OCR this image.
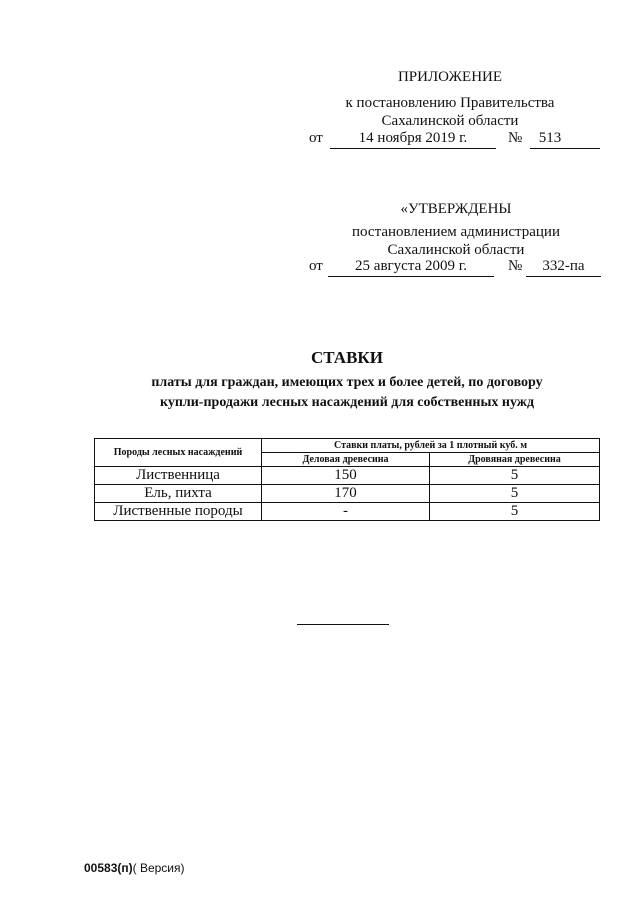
ПРИЛОЖЕНИЕ
к постановлению Правительства
Сахалинской области
от	14 ноября 2019 г.	№	513
«УТВЕРЖДЕНЫ
постановлением администрации
Сахалинской области
от	25 августа 2009 г.	№	332-па
СТАВКИ
платы для граждан, имеющих трех и более детей, по договору
купли-продажи лесных насаждений для собственных нужд
Породы лесных насаждений	Ставки платы, рублей за 1 плотный куб. м	
	Деловая древесина	Дровяная древесина
Лиственница	150	5
Ель, пихта	170	5
Лиственные породы	-	5
00583(п)( Версия)
